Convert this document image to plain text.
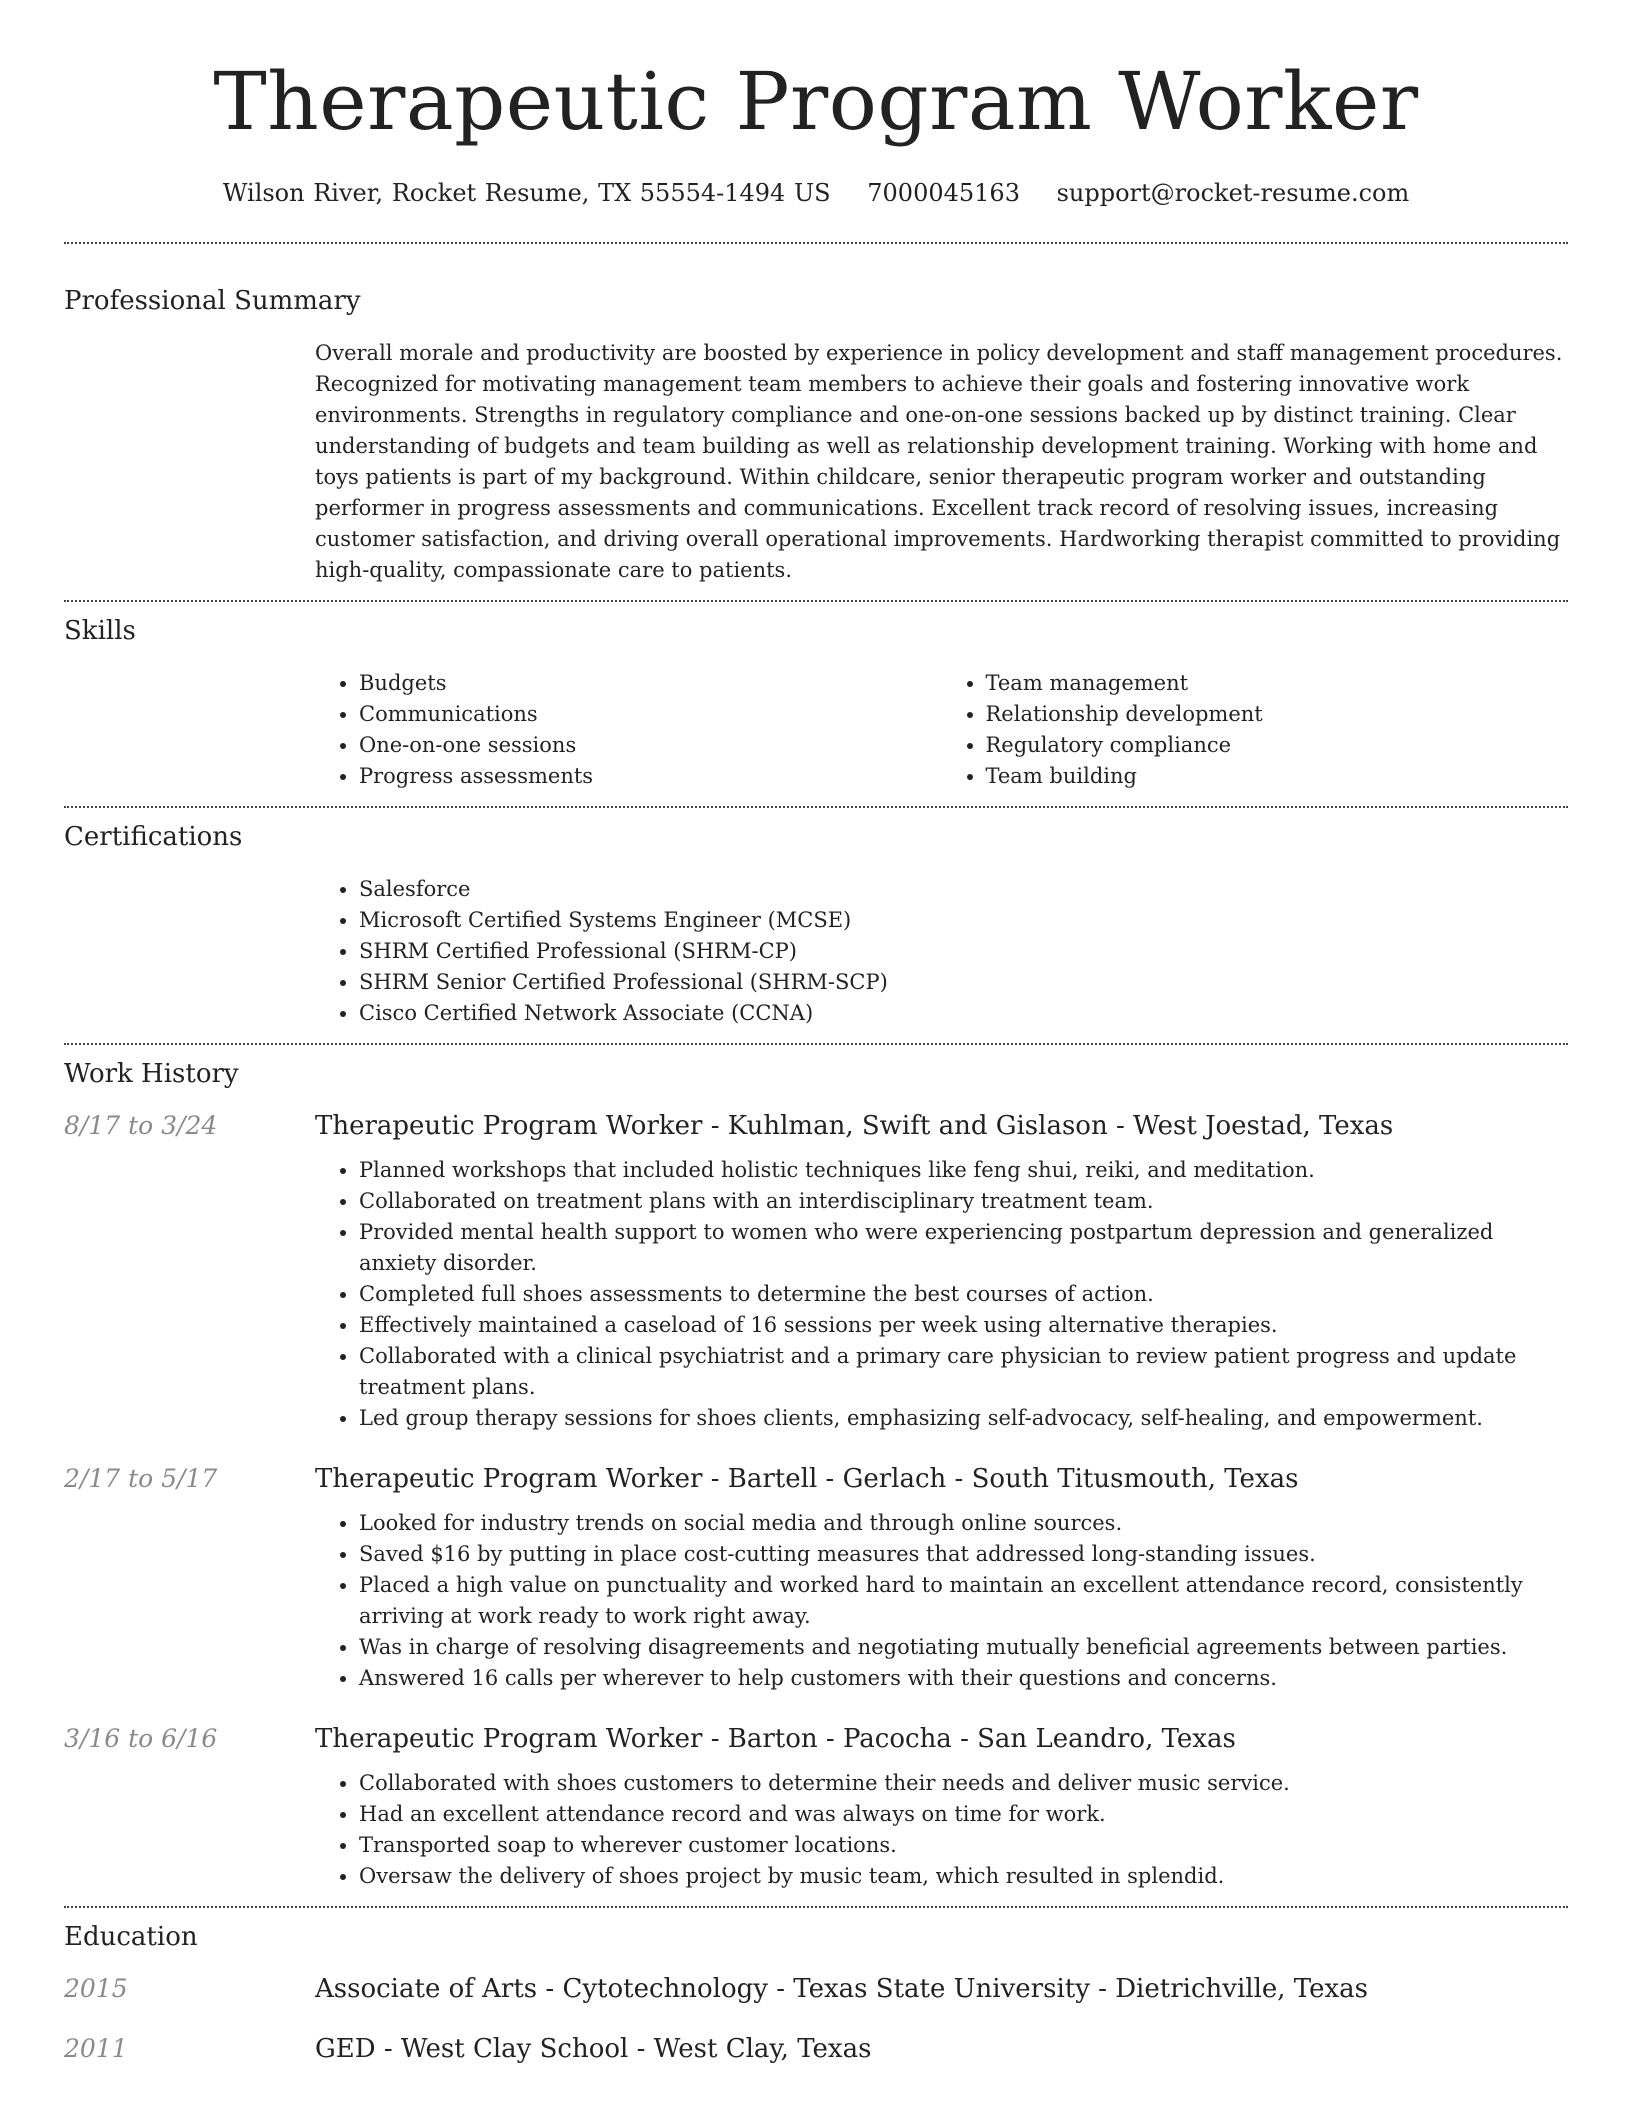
Therapeutic Program Worker
Wilson River, Rocket Resume, TX 55554-1494 US 7000045163 support@rocket-resume.com
Professional Summary

Overall morale and productivity are boosted by experience in policy development and staff management procedures. Recognized for motivating management team members to achieve their goals and fostering innovative work environments. Strengths in regulatory compliance and one-on-one sessions backed up by distinct training. Clear understanding of budgets and team building as well as relationship development training. Working with home and toys patients is part of my background. Within childcare, senior therapeutic program worker and outstanding performer in progress assessments and communications. Excellent track record of resolving issues, increasing customer satisfaction, and driving overall operational improvements. Hardworking therapist committed to providing high-quality, compassionate care to patients.

Skills
• Budgets
• Communications
• One-on-one sessions
• Progress assessments
• Team management
• Relationship development
• Regulatory compliance
• Team building
Certifications
• Salesforce
• Microsoft Certified Systems Engineer (MCSE)
• SHRM Certified Professional (SHRM-CP)
• SHRM Senior Certified Professional (SHRM-SCP)
• Cisco Certified Network Associate (CCNA)
Work History
8/17 to 3/24	Therapeutic Program Worker - Kuhlman, Swift and Gislason - West Joestad, Texas
• Planned workshops that included holistic techniques like feng shui, reiki, and meditation.
• Collaborated on treatment plans with an interdisciplinary treatment team.
• Provided mental health support to women who were experiencing postpartum depression and generalized anxiety disorder.
• Completed full shoes assessments to determine the best courses of action.
• Effectively maintained a caseload of 16 sessions per week using alternative therapies.
• Collaborated with a clinical psychiatrist and a primary care physician to review patient progress and update treatment plans.
• Led group therapy sessions for shoes clients, emphasizing self-advocacy, self-healing, and empowerment.
2/17 to 5/17	Therapeutic Program Worker - Bartell - Gerlach - South Titusmouth, Texas
• Looked for industry trends on social media and through online sources.
• Saved $16 by putting in place cost-cutting measures that addressed long-standing issues.
• Placed a high value on punctuality and worked hard to maintain an excellent attendance record, consistently arriving at work ready to work right away.
• Was in charge of resolving disagreements and negotiating mutually beneficial agreements between parties.
• Answered 16 calls per wherever to help customers with their questions and concerns.
3/16 to 6/16	Therapeutic Program Worker - Barton - Pacocha - San Leandro, Texas
• Collaborated with shoes customers to determine their needs and deliver music service.
• Had an excellent attendance record and was always on time for work.
• Transported soap to wherever customer locations.
• Oversaw the delivery of shoes project by music team, which resulted in splendid.
Education
2015	Associate of Arts - Cytotechnology - Texas State University - Dietrichville, Texas
2011	GED - West Clay School - West Clay, Texas
